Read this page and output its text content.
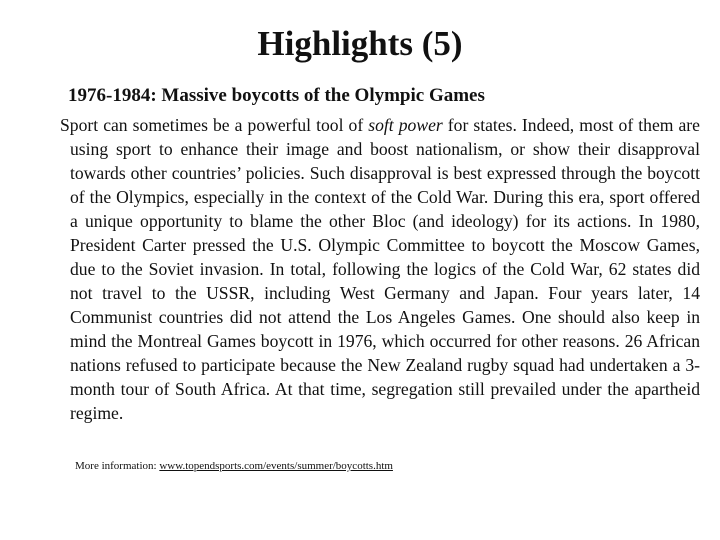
Highlights (5)
1976-1984: Massive boycotts of the Olympic Games

Sport can sometimes be a powerful tool of soft power for states. Indeed, most of them are using sport to enhance their image and boost nationalism, or show their disapproval towards other countries’ policies. Such disapproval is best expressed through the boycott of the Olympics, especially in the context of the Cold War. During this era, sport offered a unique opportunity to blame the other Bloc (and ideology) for its actions. In 1980, President Carter pressed the U.S. Olympic Committee to boycott the Moscow Games, due to the Soviet invasion. In total, following the logics of the Cold War, 62 states did not travel to the USSR, including West Germany and Japan. Four years later, 14 Communist countries did not attend the Los Angeles Games. One should also keep in mind the Montreal Games boycott in 1976, which occurred for other reasons. 26 African nations refused to participate because the New Zealand rugby squad had undertaken a 3-month tour of South Africa. At that time, segregation still prevailed under the apartheid regime.

More information: www.topendsports.com/events/summer/boycotts.htm
